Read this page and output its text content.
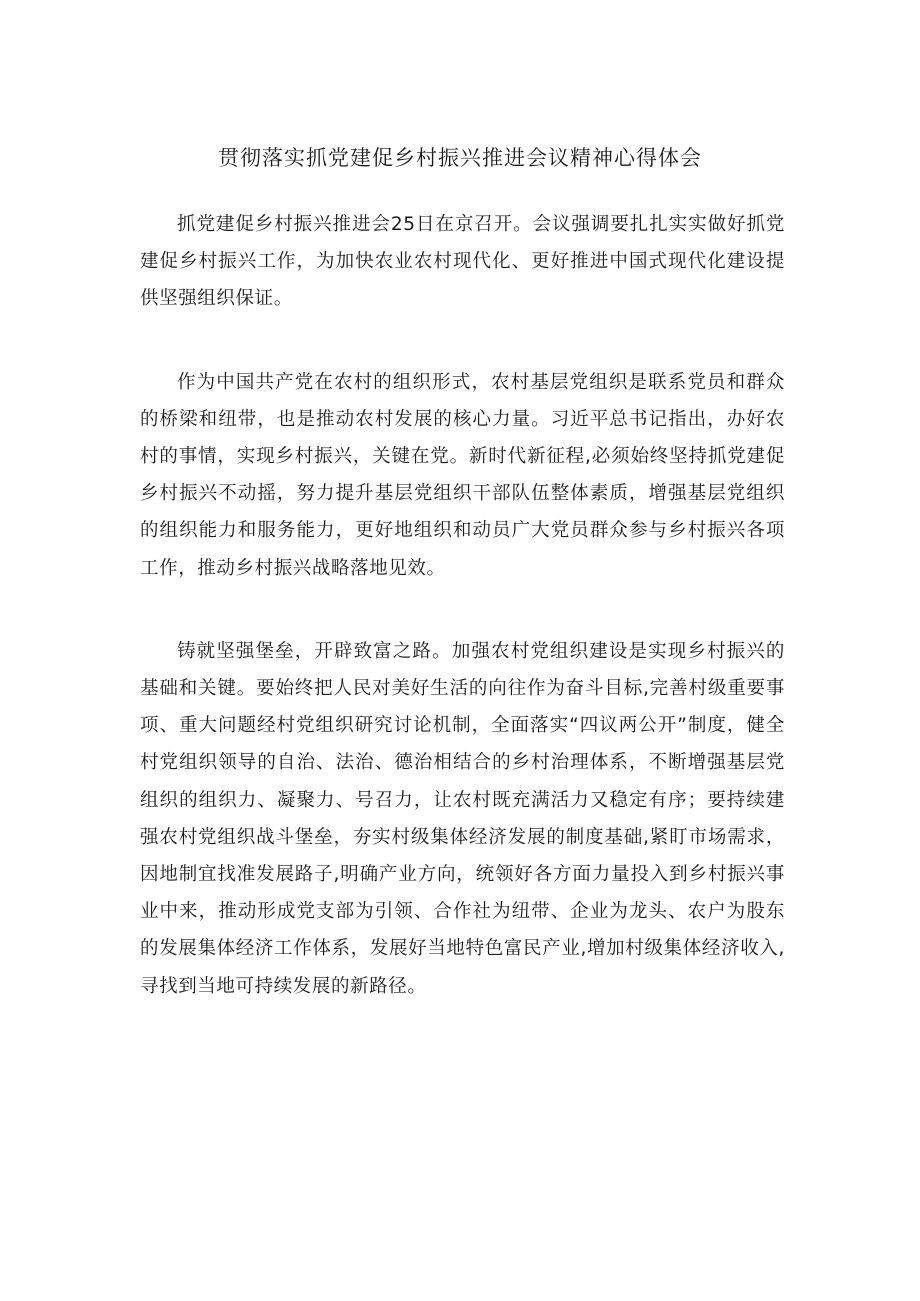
贯彻落实抓党建促乡村振兴推进会议精神心得体会

抓党建促乡村振兴推进会25日在京召开。会议强调要扎扎实实做好抓党建促乡村振兴工作，为加快农业农村现代化、更好推进中国式现代化建设提供坚强组织保证。

作为中国共产党在农村的组织形式，农村基层党组织是联系党员和群众的桥梁和纽带，也是推动农村发展的核心力量。习近平总书记指出，办好农村的事情，实现乡村振兴，关键在党。新时代新征程,必须始终坚持抓党建促乡村振兴不动摇，努力提升基层党组织干部队伍整体素质，增强基层党组织的组织能力和服务能力，更好地组织和动员广大党员群众参与乡村振兴各项工作，推动乡村振兴战略落地见效。

铸就坚强堡垒，开辟致富之路。加强农村党组织建设是实现乡村振兴的基础和关键。要始终把人民对美好生活的向往作为奋斗目标,完善村级重要事项、重大问题经村党组织研究讨论机制，全面落实“四议两公开”制度，健全村党组织领导的自治、法治、德治相结合的乡村治理体系，不断增强基层党组织的组织力、凝聚力、号召力，让农村既充满活力又稳定有序；要持续建强农村党组织战斗堡垒，夯实村级集体经济发展的制度基础,紧盯市场需求，因地制宜找准发展路子,明确产业方向，统领好各方面力量投入到乡村振兴事业中来，推动形成党支部为引领、合作社为纽带、企业为龙头、农户为股东的发展集体经济工作体系，发展好当地特色富民产业,增加村级集体经济收入,寻找到当地可持续发展的新路径。
